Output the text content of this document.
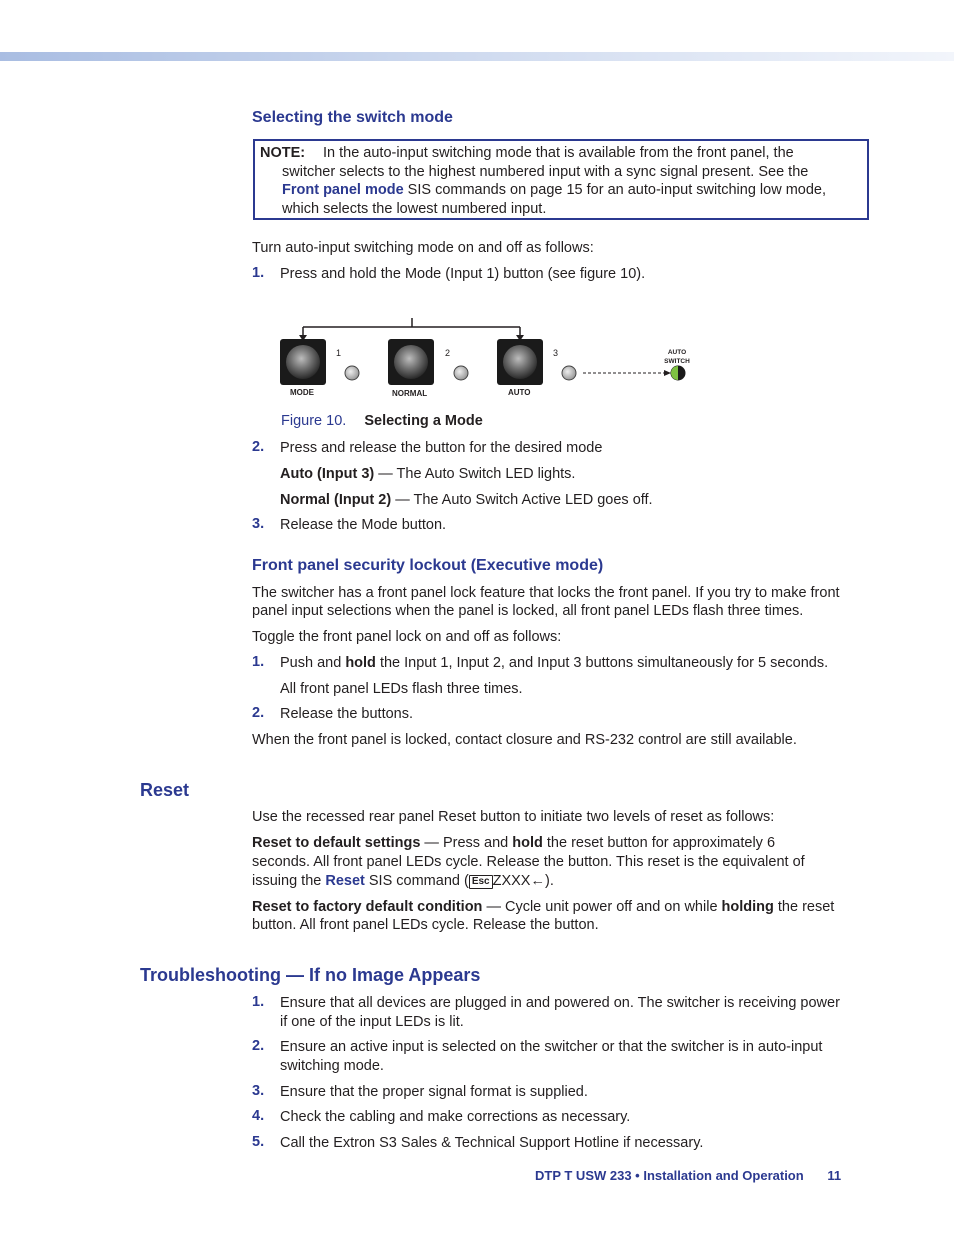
Selecting the switch mode
NOTE: In the auto-input switching mode that is available from the front panel, the
switcher selects to the highest numbered input with a sync signal present. See the
Front panel mode SIS commands on page 15 for an auto-input switching low mode,
which selects the lowest numbered input.
Turn auto-input switching mode on and off as follows:
1. Press and hold the Mode (Input 1) button (see figure 10).
1
MODE
2
NORMAL
3
AUTO
AUTO
SWITCH
Figure 10. Selecting a Mode
2. Press and release the button for the desired mode
Auto (Input 3) — The Auto Switch LED lights.
Normal (Input 2) — The Auto Switch Active LED goes off.
3. Release the Mode button.
Front panel security lockout (Executive mode)
The switcher has a front panel lock feature that locks the front panel. If you try to make front
panel input selections when the panel is locked, all front panel LEDs flash three times.
Toggle the front panel lock on and off as follows:
1. Push and hold the Input 1, Input 2, and Input 3 buttons simultaneously for 5 seconds.
All front panel LEDs flash three times.
2. Release the buttons.
When the front panel is locked, contact closure and RS-232 control are still available.
Reset
Use the recessed rear panel Reset button to initiate two levels of reset as follows:
Reset to default settings — Press and hold the reset button for approximately 6
seconds. All front panel LEDs cycle. Release the button. This reset is the equivalent of
issuing the Reset SIS command ( Esc ZXXX←).
Reset to factory default condition — Cycle unit power off and on while holding the reset
button. All front panel LEDs cycle. Release the button.
Troubleshooting — If no Image Appears
1. Ensure that all devices are plugged in and powered on. The switcher is receiving power
if one of the input LEDs is lit.
2. Ensure an active input is selected on the switcher or that the switcher is in auto-input
switching mode.
3. Ensure that the proper signal format is supplied.
4. Check the cabling and make corrections as necessary.
5. Call the Extron S3 Sales & Technical Support Hotline if necessary.
DTP T USW 233 • Installation and Operation 11
